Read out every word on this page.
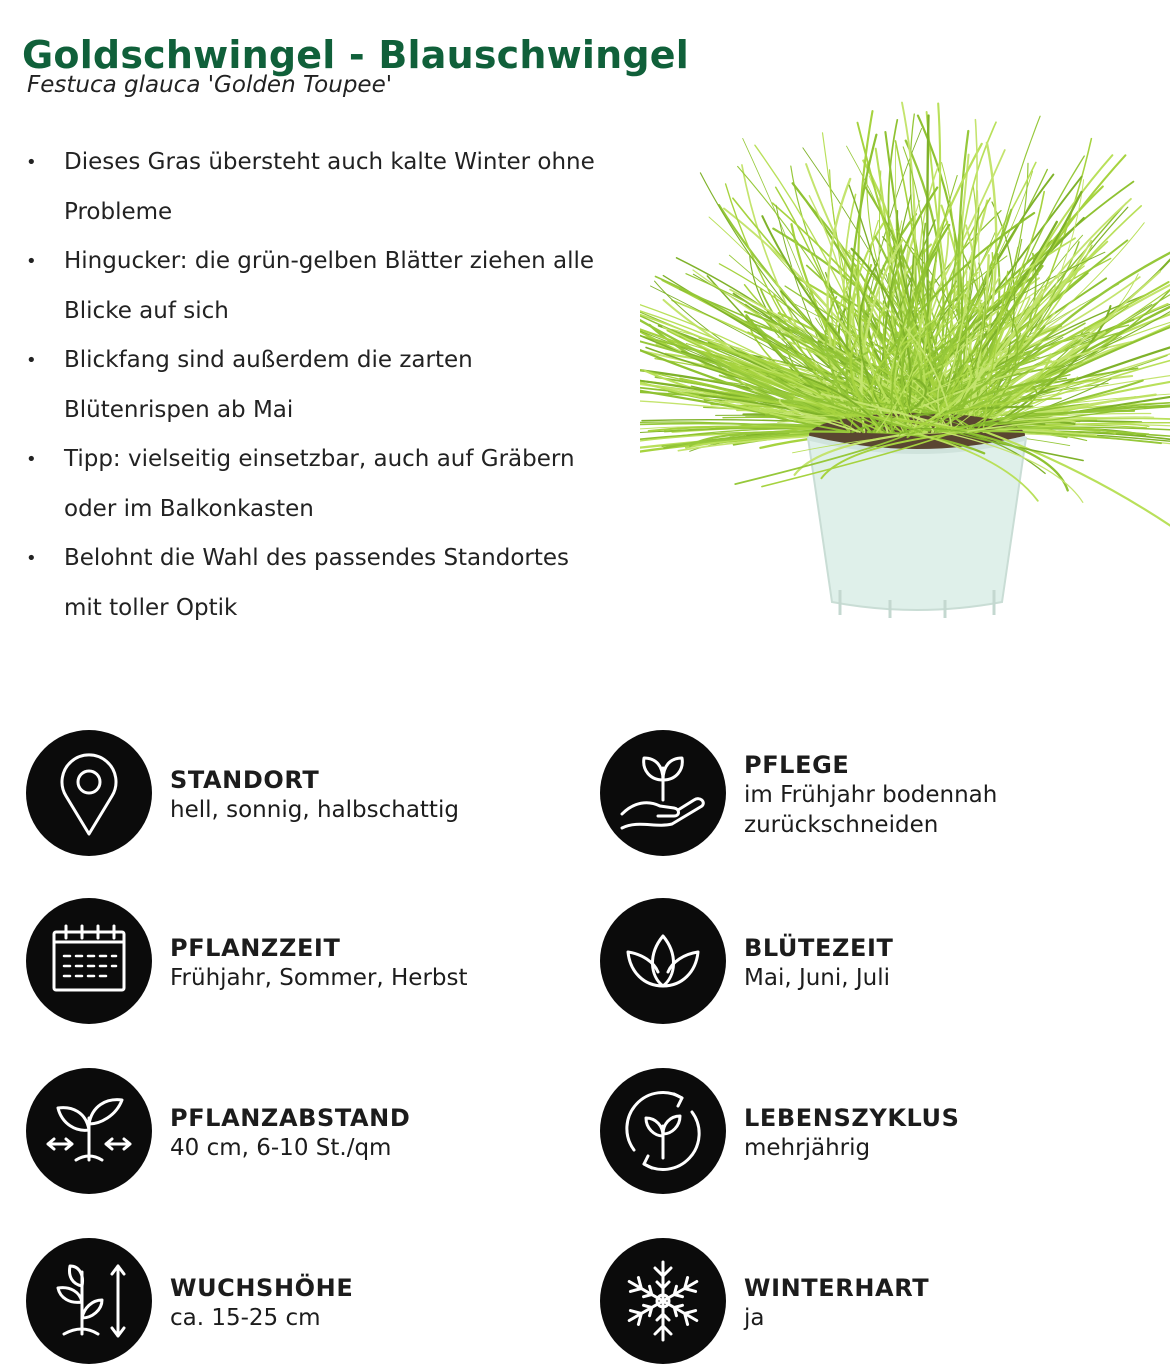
Goldschwingel - Blauschwingel
Festuca glauca 'Golden Toupee'
• Dieses Gras übersteht auch kalte Winter ohne Probleme
• Hingucker: die grün-gelben Blätter ziehen alle Blicke auf sich
• Blickfang sind außerdem die zarten Blütenrispen ab Mai
• Tipp: vielseitig einsetzbar, auch auf Gräbern oder im Balkonkasten
• Belohnt die Wahl des passendes Standortes mit toller Optik
STANDORT
hell, sonnig, halbschattig
PFLEGE
im Frühjahr bodennah zurückschneiden
PFLANZZEIT
Frühjahr, Sommer, Herbst
BLÜTEZEIT
Mai, Juni, Juli
PFLANZABSTAND
40 cm, 6-10 St./qm
LEBENSZYKLUS
mehrjährig
WUCHSHÖHE
ca. 15-25 cm
WINTERHART
ja
